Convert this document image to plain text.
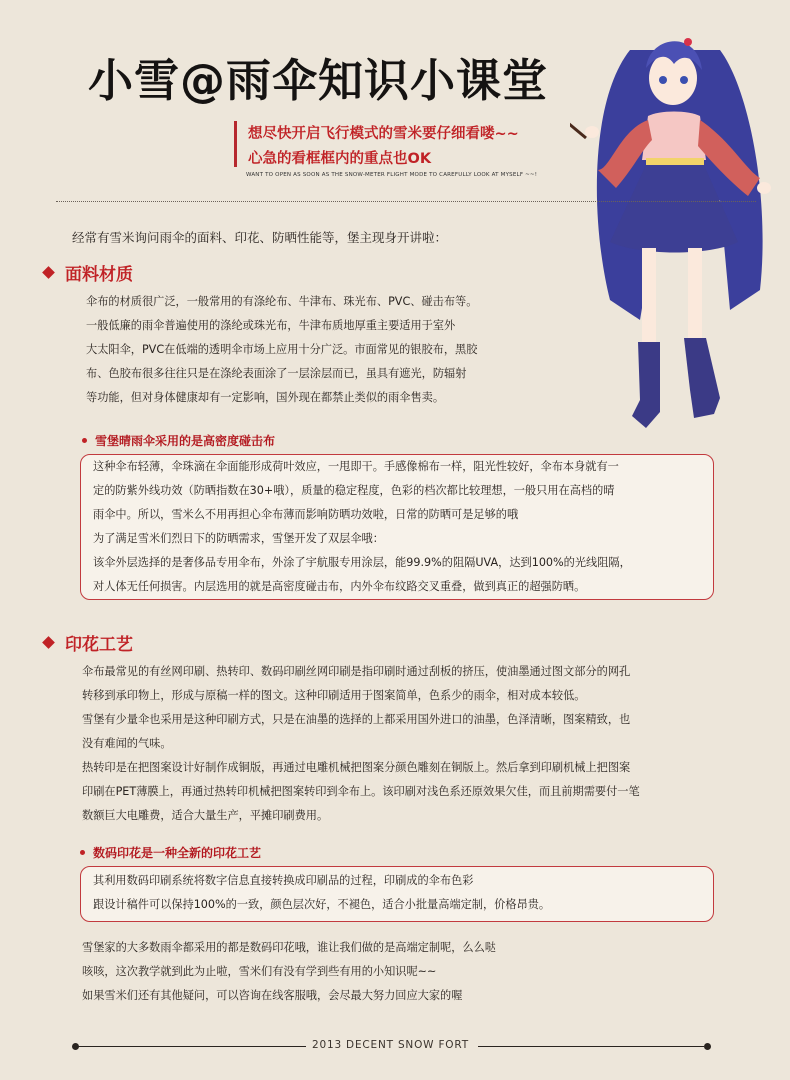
小雪@雨伞知识小课堂
想尽快开启飞行模式的雪米要仔细看喽~~
心急的看框框内的重点也OK
WANT TO OPEN AS SOON AS THE SNOW-METER FLIGHT MODE TO CAREFULLY LOOK AT MYSELF ~~!
经常有雪米询问雨伞的面料、印花、防晒性能等，堡主现身开讲啦：
面料材质
伞布的材质很广泛，一般常用的有涤纶布、牛津布、珠光布、PVC、碰击布等。
一般低廉的雨伞普遍使用的涤纶或珠光布，牛津布质地厚重主要适用于室外
大太阳伞，PVC在低端的透明伞市场上应用十分广泛。市面常见的银胶布，黑胶
布、色胶布很多往往只是在涤纶表面涂了一层涂层而已，虽具有遮光，防辐射
等功能，但对身体健康却有一定影响，国外现在都禁止类似的雨伞售卖。
雪堡晴雨伞采用的是高密度碰击布
这种伞布轻薄，伞珠滴在伞面能形成荷叶效应，一甩即干。手感像棉布一样，阻光性较好，伞布本身就有一
定的防紫外线功效（防晒指数在30+哦），质量的稳定程度，色彩的档次都比较理想，一般只用在高档的晴
雨伞中。所以，雪米么不用再担心伞布薄而影响防晒功效啦，日常的防晒可是足够的哦
为了满足雪米们烈日下的防晒需求，雪堡开发了双层伞哦：
该伞外层选择的是奢侈品专用伞布，外涂了宇航服专用涂层，能99.9%的阻隔UVA，达到100%的光线阻隔，
对人体无任何损害。内层选用的就是高密度碰击布，内外伞布纹路交叉重叠，做到真正的超强防晒。
印花工艺
伞布最常见的有丝网印刷、热转印、数码印刷丝网印刷是指印刷时通过刮板的挤压，使油墨通过图文部分的网孔
转移到承印物上，形成与原稿一样的图文。这种印刷适用于图案简单，色系少的雨伞，相对成本较低。
雪堡有少量伞也采用是这种印刷方式，只是在油墨的选择的上都采用国外进口的油墨，色泽清晰，图案精致，也
没有难闻的气味。
热转印是在把图案设计好制作成铜版，再通过电雕机械把图案分颜色雕刻在铜版上。然后拿到印刷机械上把图案
印刷在PET薄膜上，再通过热转印机械把图案转印到伞布上。该印刷对浅色系还原效果欠佳，而且前期需要付一笔
数额巨大电雕费，适合大量生产，平摊印刷费用。
数码印花是一种全新的印花工艺
其利用数码印刷系统将数字信息直接转换成印刷品的过程，印刷成的伞布色彩
跟设计稿件可以保持100%的一致，颜色层次好，不褪色，适合小批量高端定制，价格昂贵。
雪堡家的大多数雨伞都采用的都是数码印花哦，谁让我们做的是高端定制呢，么么哒
咳咳，这次教学就到此为止啦，雪米们有没有学到些有用的小知识呢~~
如果雪米们还有其他疑问，可以咨询在线客服哦，会尽最大努力回应大家的喔
2013 DECENT SNOW FORT
